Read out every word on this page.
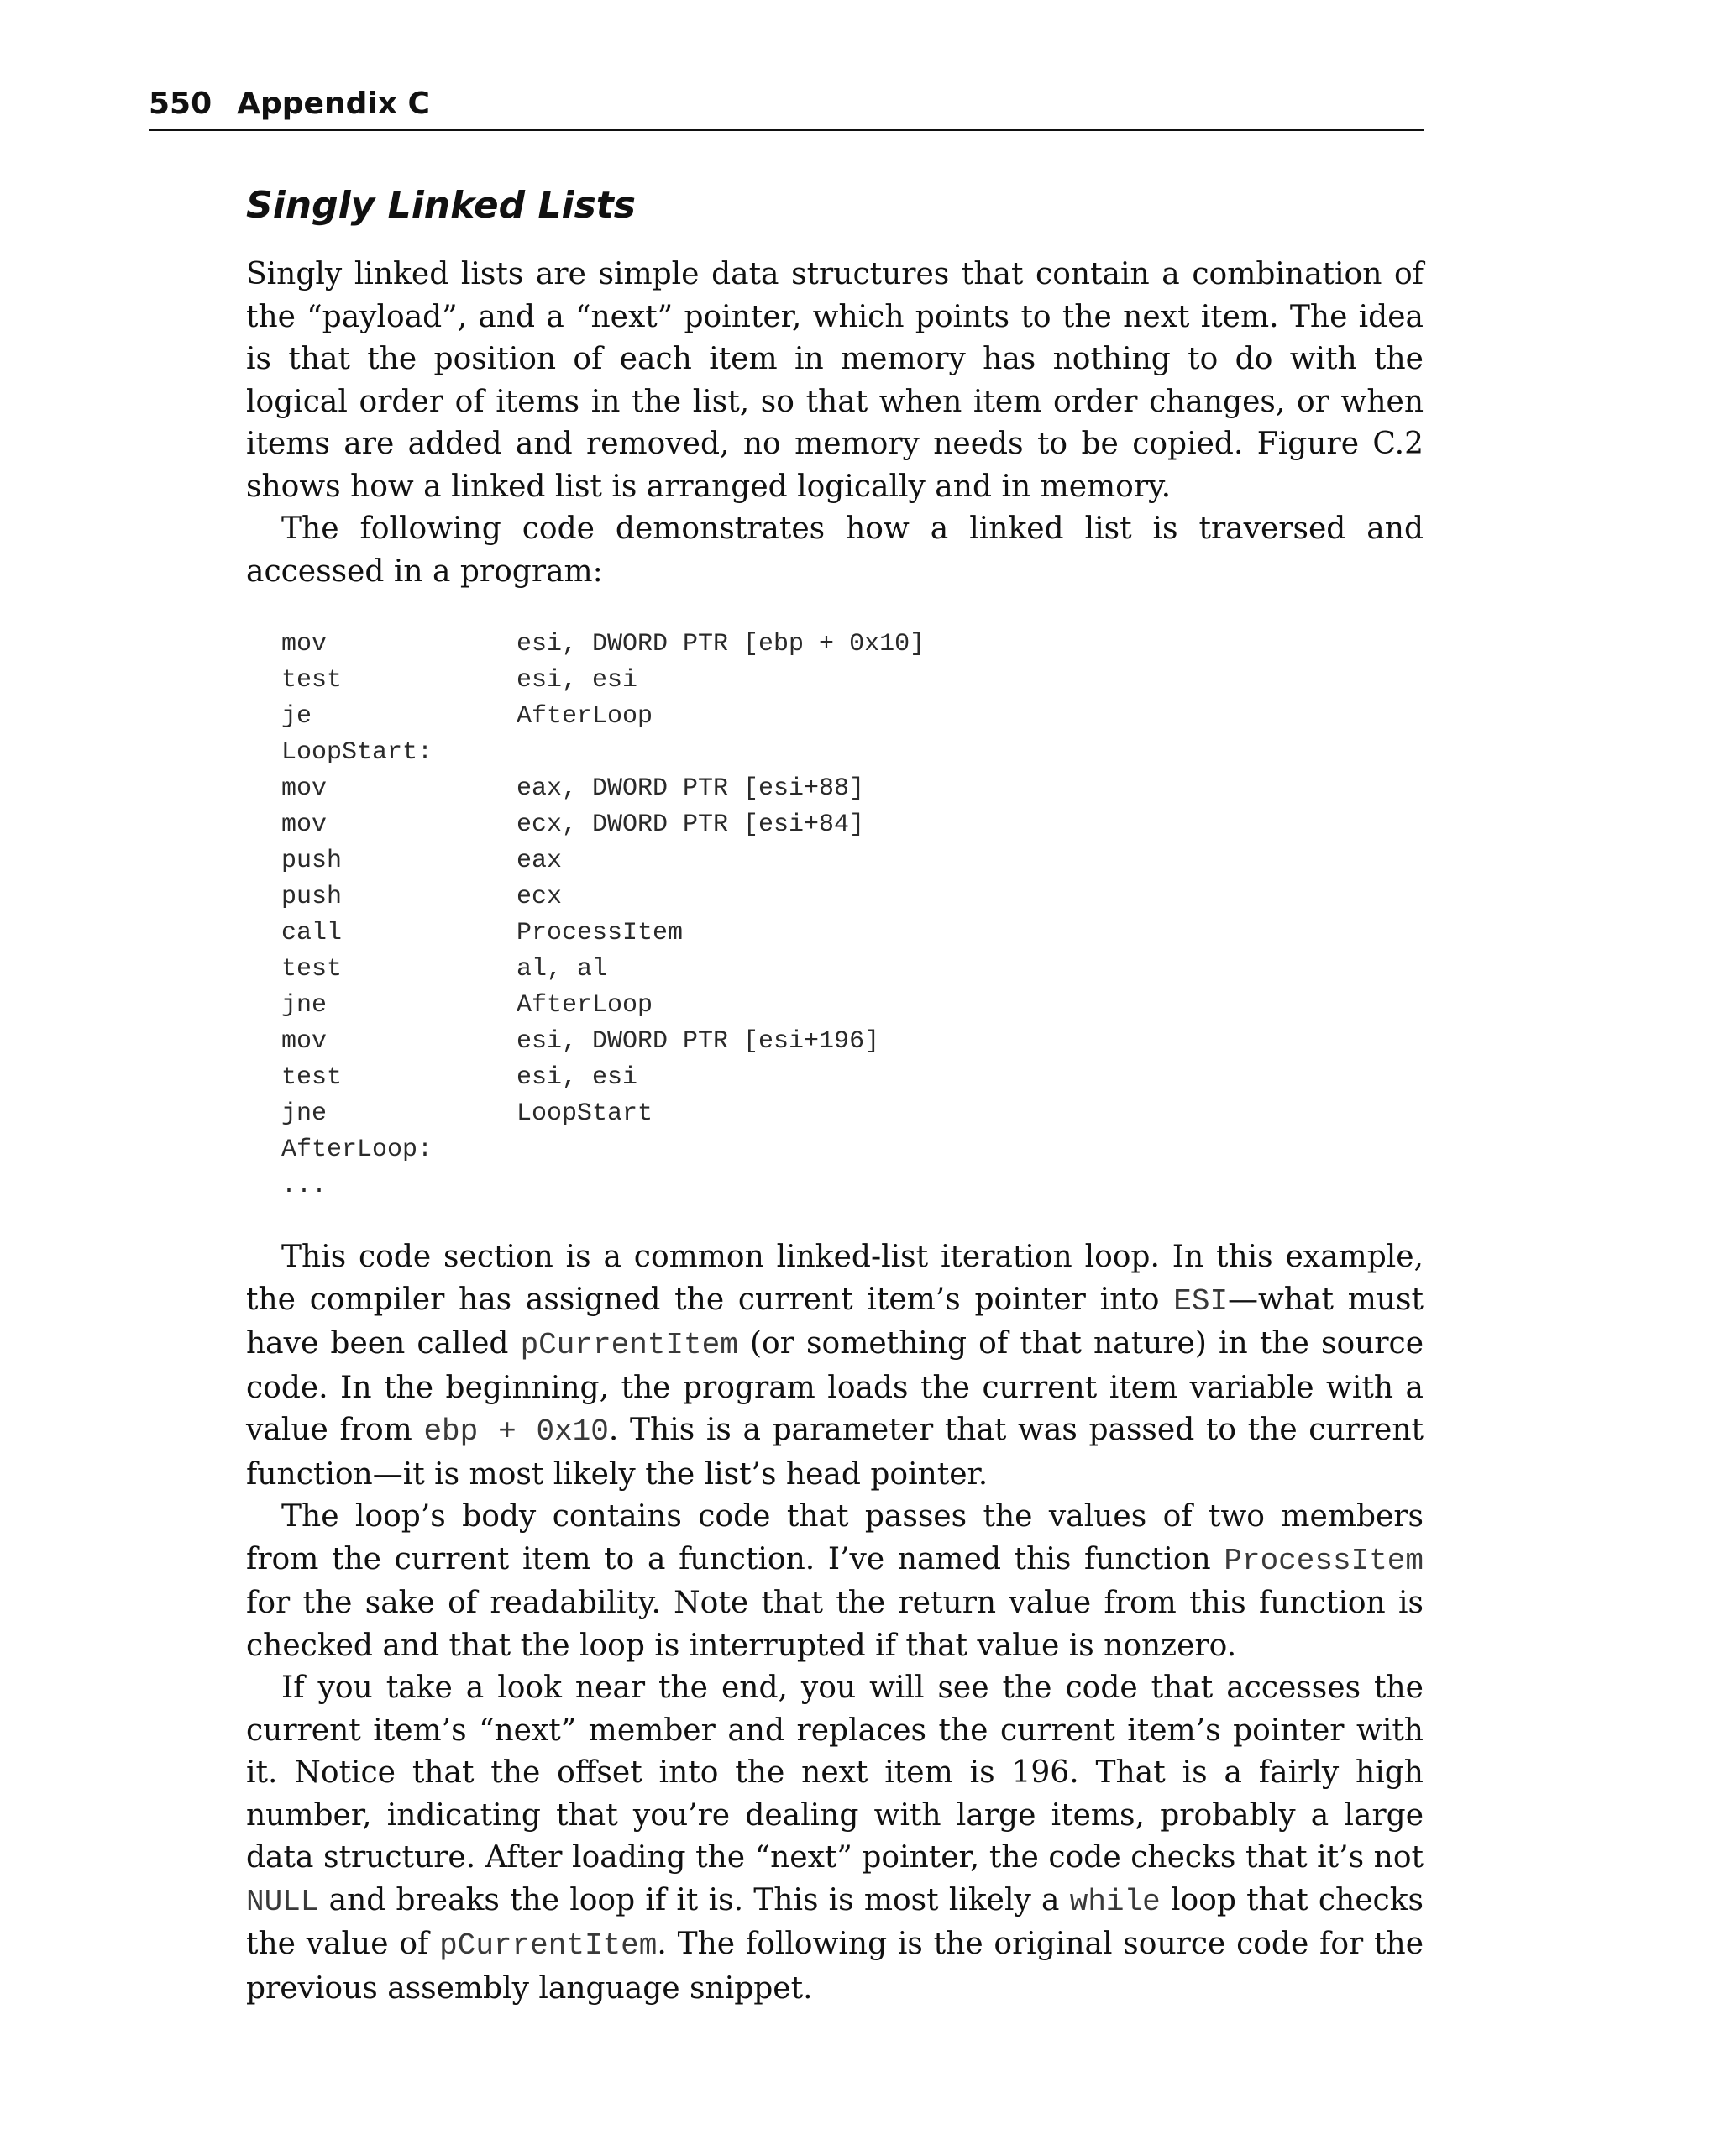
550 Appendix C
Singly Linked Lists

Singly linked lists are simple data structures that contain a combination of the “payload”, and a “next” pointer, which points to the next item. The idea is that the position of each item in memory has nothing to do with the logical order of items in the list, so that when item order changes, or when items are added and removed, no memory needs to be copied. Figure C.2 shows how a linked list is arranged logically and in memory.

The following code demonstrates how a linked list is traversed and accessed in a program:

mov	esi, DWORD PTR [ebp + 0x10]
test	esi, esi
je	AfterLoop
LoopStart:
mov	eax, DWORD PTR [esi+88]
mov	ecx, DWORD PTR [esi+84]
push	eax
push	ecx
call	ProcessItem
test	al, al
jne	AfterLoop
mov	esi, DWORD PTR [esi+196]
test	esi, esi
jne	LoopStart
AfterLoop:
...

This code section is a common linked-list iteration loop. In this example, the compiler has assigned the current item’s pointer into ESI—what must have been called pCurrentItem (or something of that nature) in the source code. In the beginning, the program loads the current item variable with a value from ebp + 0x10. This is a parameter that was passed to the current function—it is most likely the list’s head pointer.

The loop’s body contains code that passes the values of two members from the current item to a function. I’ve named this function ProcessItem for the sake of readability. Note that the return value from this function is checked and that the loop is interrupted if that value is nonzero.

If you take a look near the end, you will see the code that accesses the current item’s “next” member and replaces the current item’s pointer with it. Notice that the offset into the next item is 196. That is a fairly high number, indicating that you’re dealing with large items, probably a large data structure. After loading the “next” pointer, the code checks that it’s not NULL and breaks the loop if it is. This is most likely a while loop that checks the value of pCurrentItem. The following is the original source code for the previous assembly language snippet.
